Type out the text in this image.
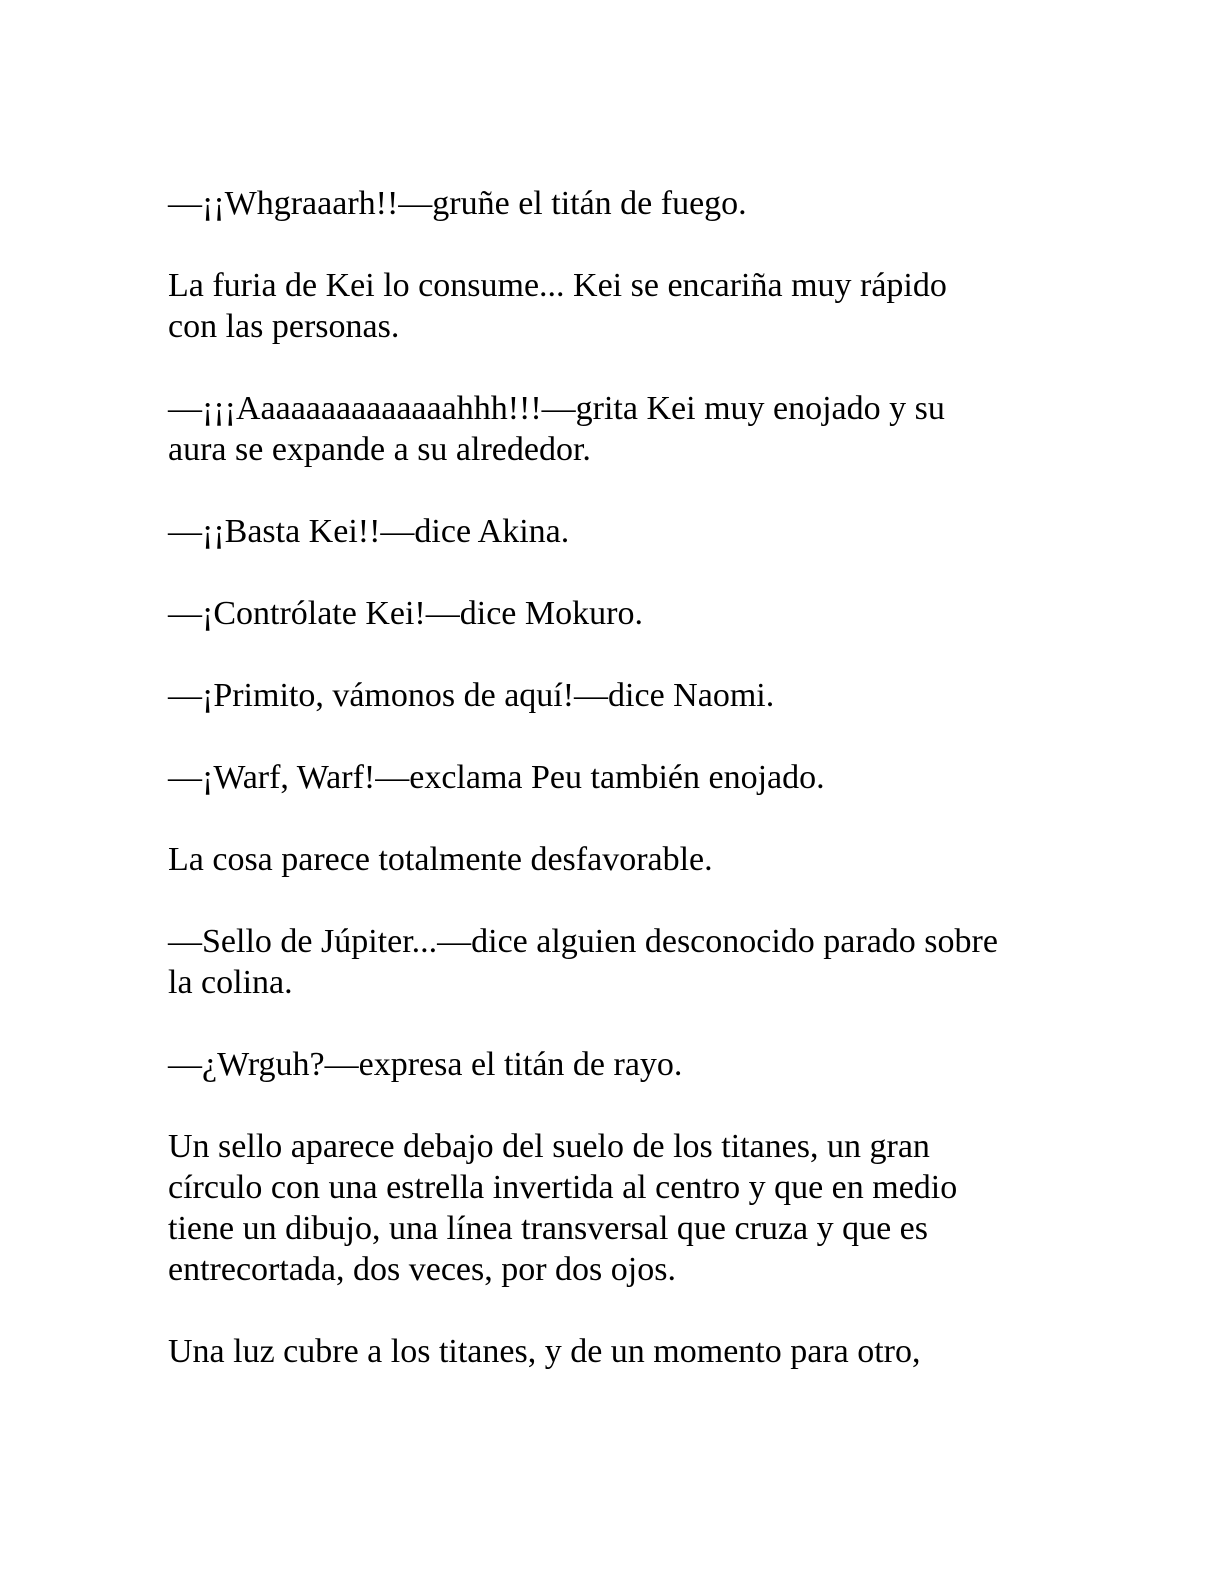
—¡¡Whgraaarh!!—gruñe el titán de fuego.

La furia de Kei lo consume... Kei se encariña muy rápido
con las personas.

—¡¡¡Aaaaaaaaaaaaaahhh!!!—grita Kei muy enojado y su
aura se expande a su alrededor.

—¡¡Basta Kei!!—dice Akina.

—¡Contrólate Kei!—dice Mokuro.

—¡Primito, vámonos de aquí!—dice Naomi.

—¡Warf, Warf!—exclama Peu también enojado.

La cosa parece totalmente desfavorable.

—Sello de Júpiter...—dice alguien desconocido parado sobre
la colina.

—¿Wrguh?—expresa el titán de rayo.

Un sello aparece debajo del suelo de los titanes, un gran
círculo con una estrella invertida al centro y que en medio
tiene un dibujo, una línea transversal que cruza y que es
entrecortada, dos veces, por dos ojos.

Una luz cubre a los titanes, y de un momento para otro,
